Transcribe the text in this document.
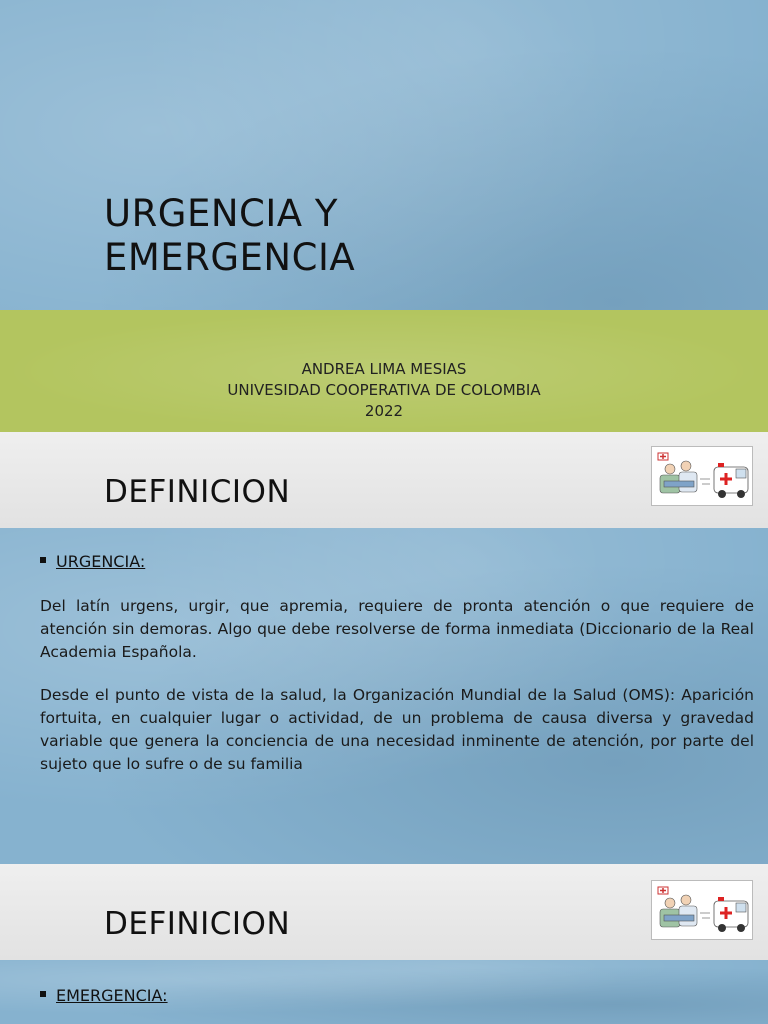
URGENCIA Y
EMERGENCIA
ANDREA LIMA MESIAS
UNIVESIDAD COOPERATIVA DE COLOMBIA
2022
DEFINICION
URGENCIA:
Del latín urgens, urgir, que apremia, requiere de pronta atención o que requiere de atención sin demoras. Algo que debe resolverse de forma inmediata (Diccionario de la Real Academia Española.
Desde el punto de vista de la salud, la Organización Mundial de la Salud (OMS): Aparición fortuita, en cualquier lugar o actividad, de un problema de causa diversa y gravedad variable que genera la conciencia de una necesidad inminente de atención, por parte del sujeto que lo sufre o de su familia
DEFINICION
EMERGENCIA:
